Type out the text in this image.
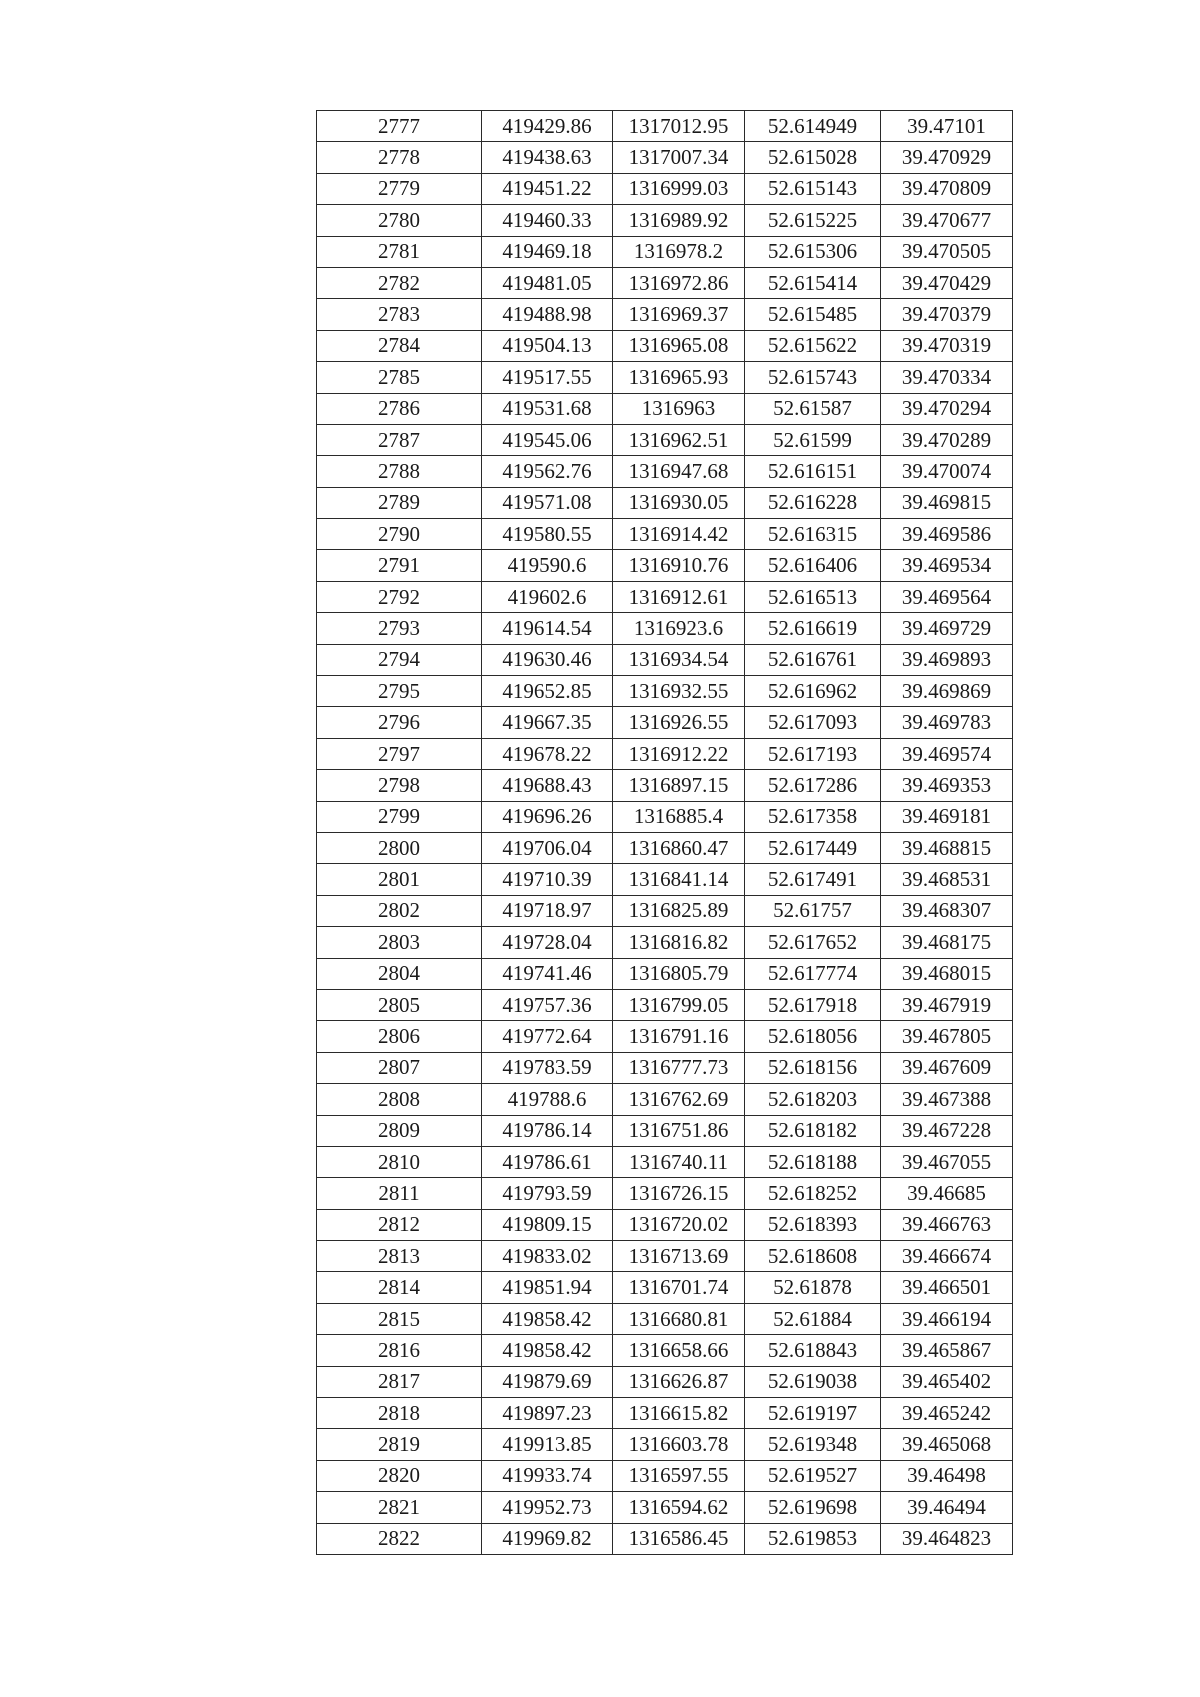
2777	419429.86	1317012.95	52.614949	39.47101
2778	419438.63	1317007.34	52.615028	39.470929
2779	419451.22	1316999.03	52.615143	39.470809
2780	419460.33	1316989.92	52.615225	39.470677
2781	419469.18	1316978.2	52.615306	39.470505
2782	419481.05	1316972.86	52.615414	39.470429
2783	419488.98	1316969.37	52.615485	39.470379
2784	419504.13	1316965.08	52.615622	39.470319
2785	419517.55	1316965.93	52.615743	39.470334
2786	419531.68	1316963	52.61587	39.470294
2787	419545.06	1316962.51	52.61599	39.470289
2788	419562.76	1316947.68	52.616151	39.470074
2789	419571.08	1316930.05	52.616228	39.469815
2790	419580.55	1316914.42	52.616315	39.469586
2791	419590.6	1316910.76	52.616406	39.469534
2792	419602.6	1316912.61	52.616513	39.469564
2793	419614.54	1316923.6	52.616619	39.469729
2794	419630.46	1316934.54	52.616761	39.469893
2795	419652.85	1316932.55	52.616962	39.469869
2796	419667.35	1316926.55	52.617093	39.469783
2797	419678.22	1316912.22	52.617193	39.469574
2798	419688.43	1316897.15	52.617286	39.469353
2799	419696.26	1316885.4	52.617358	39.469181
2800	419706.04	1316860.47	52.617449	39.468815
2801	419710.39	1316841.14	52.617491	39.468531
2802	419718.97	1316825.89	52.61757	39.468307
2803	419728.04	1316816.82	52.617652	39.468175
2804	419741.46	1316805.79	52.617774	39.468015
2805	419757.36	1316799.05	52.617918	39.467919
2806	419772.64	1316791.16	52.618056	39.467805
2807	419783.59	1316777.73	52.618156	39.467609
2808	419788.6	1316762.69	52.618203	39.467388
2809	419786.14	1316751.86	52.618182	39.467228
2810	419786.61	1316740.11	52.618188	39.467055
2811	419793.59	1316726.15	52.618252	39.46685
2812	419809.15	1316720.02	52.618393	39.466763
2813	419833.02	1316713.69	52.618608	39.466674
2814	419851.94	1316701.74	52.61878	39.466501
2815	419858.42	1316680.81	52.61884	39.466194
2816	419858.42	1316658.66	52.618843	39.465867
2817	419879.69	1316626.87	52.619038	39.465402
2818	419897.23	1316615.82	52.619197	39.465242
2819	419913.85	1316603.78	52.619348	39.465068
2820	419933.74	1316597.55	52.619527	39.46498
2821	419952.73	1316594.62	52.619698	39.46494
2822	419969.82	1316586.45	52.619853	39.464823
